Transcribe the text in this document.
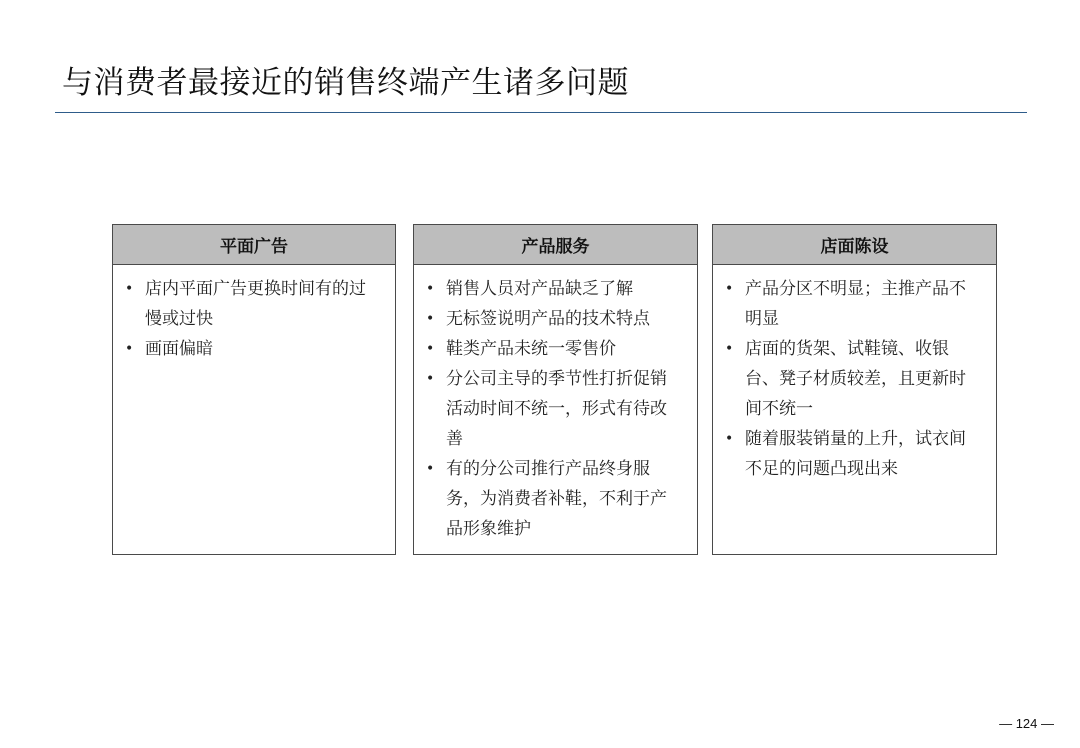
与消费者最接近的销售终端产生诸多问题
平面广告
• 店内平面广告更换时间有的过慢或过快
• 画面偏暗
产品服务
• 销售人员对产品缺乏了解
• 无标签说明产品的技术特点
• 鞋类产品未统一零售价
• 分公司主导的季节性打折促销活动时间不统一，形式有待改善
• 有的分公司推行产品终身服务，为消费者补鞋，不利于产品形象维护
店面陈设
• 产品分区不明显；主推产品不明显
• 店面的货架、试鞋镜、收银台、凳子材质较差，且更新时间不统一
• 随着服装销量的上升，试衣间不足的问题凸现出来
— 124 —
